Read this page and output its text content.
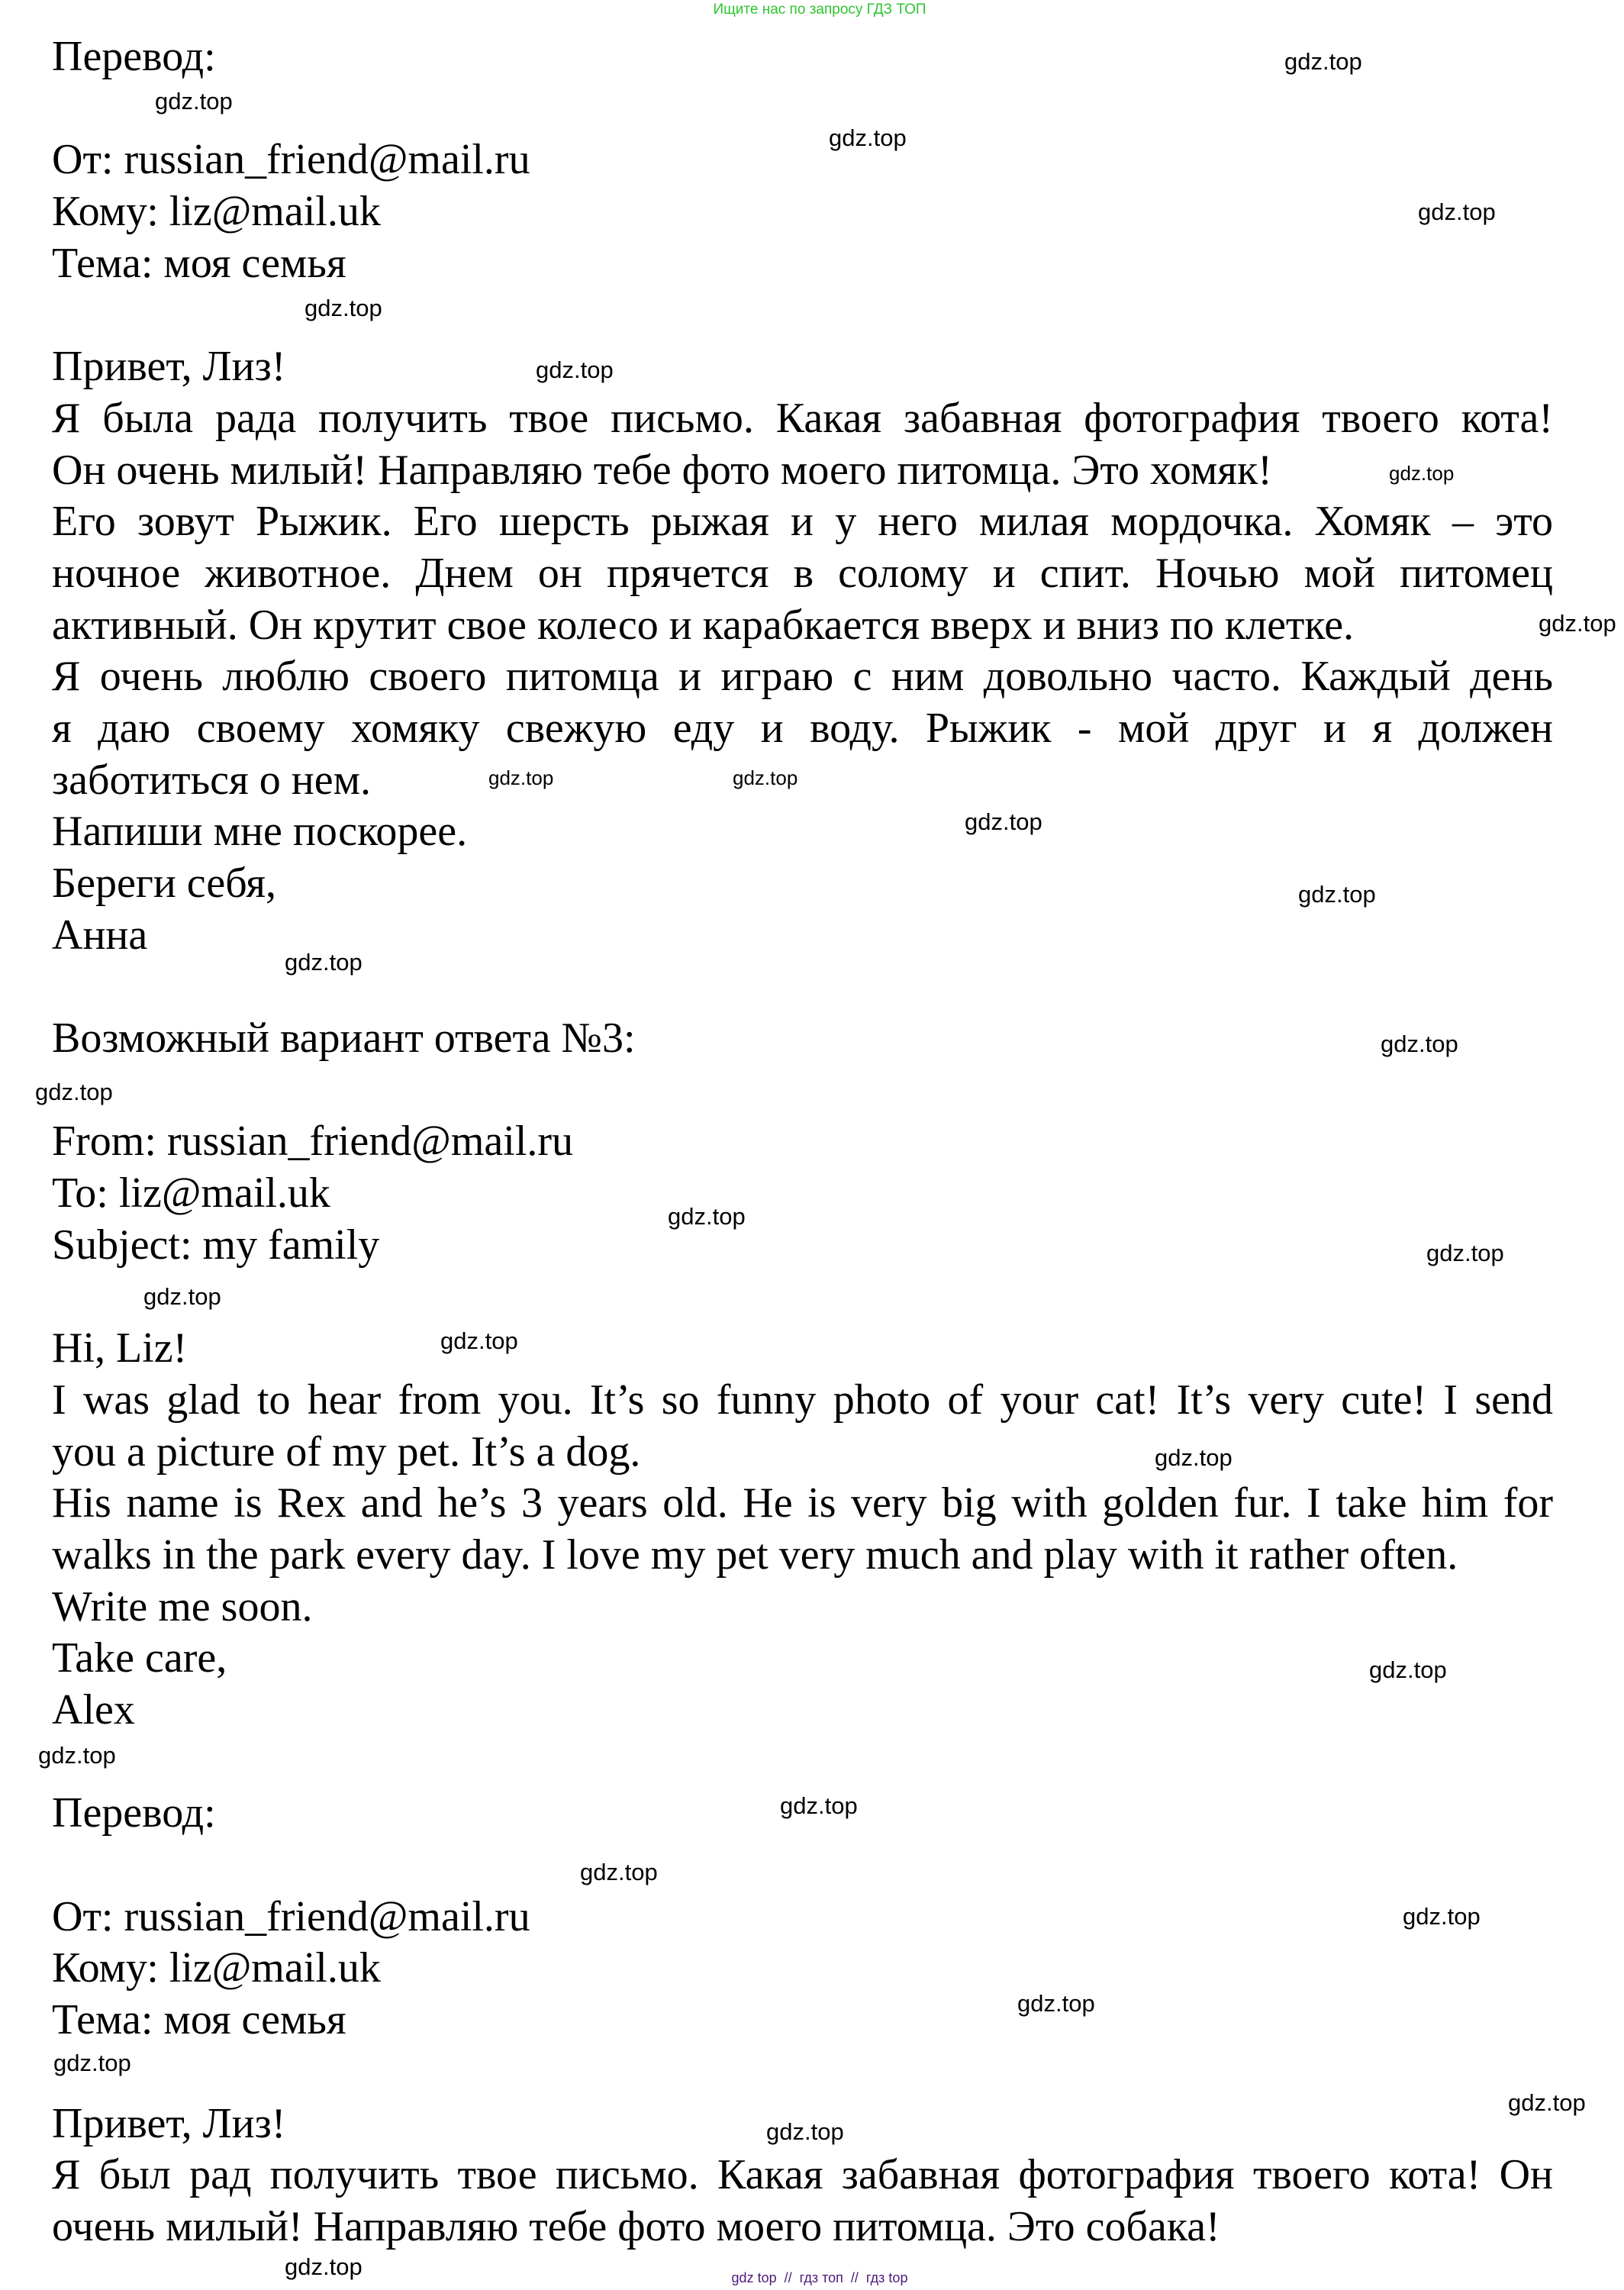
Ищите нас по запросу ГДЗ ТОП
Перевод:
От: russian_friend@mail.ru
Кому: liz@mail.uk
Тема: моя семья
Привет, Лиз!
Я была рада получить твое письмо. Какая забавная фотография твоего кота!
Он очень милый! Направляю тебе фото моего питомца. Это хомяк!
Его зовут Рыжик. Его шерсть рыжая и у него милая мордочка. Хомяк – это
ночное животное. Днем он прячется в солому и спит. Ночью мой питомец
активный. Он крутит свое колесо и карабкается вверх и вниз по клетке.
Я очень люблю своего питомца и играю с ним довольно часто. Каждый день
я даю своему хомяку свежую еду и воду. Рыжик - мой друг и я должен
заботиться о нем.
Напиши мне поскорее.
Береги себя,
Анна
Возможный вариант ответа №3:
From: russian_friend@mail.ru
To: liz@mail.uk
Subject: my family
Hi, Liz!
I was glad to hear from you. It’s so funny photo of your cat! It’s very cute! I send
you a picture of my pet. It’s a dog.
His name is Rex and he’s 3 years old. He is very big with golden fur. I take him for
walks in the park every day. I love my pet very much and play with it rather often.
Write me soon.
Take care,
Alex
Перевод:
От: russian_friend@mail.ru
Кому: liz@mail.uk
Тема: моя семья
Привет, Лиз!
Я был рад получить твое письмо. Какая забавная фотография твоего кота! Он
очень милый! Направляю тебе фото моего питомца. Это собака!
gdz.top
gdz.top
gdz.top
gdz.top
gdz.top
gdz.top
gdz.top
gdz.top
gdz.top
gdz.top
gdz.top
gdz.top
gdz.top
gdz.top
gdz.top
gdz.top
gdz.top
gdz.top
gdz.top
gdz.top
gdz.top
gdz.top
gdz.top
gdz.top
gdz.top
gdz.top
gdz.top
gdz.top
gdz.top
gdz.top	gdz top  //  гдз топ  //  гдз top
